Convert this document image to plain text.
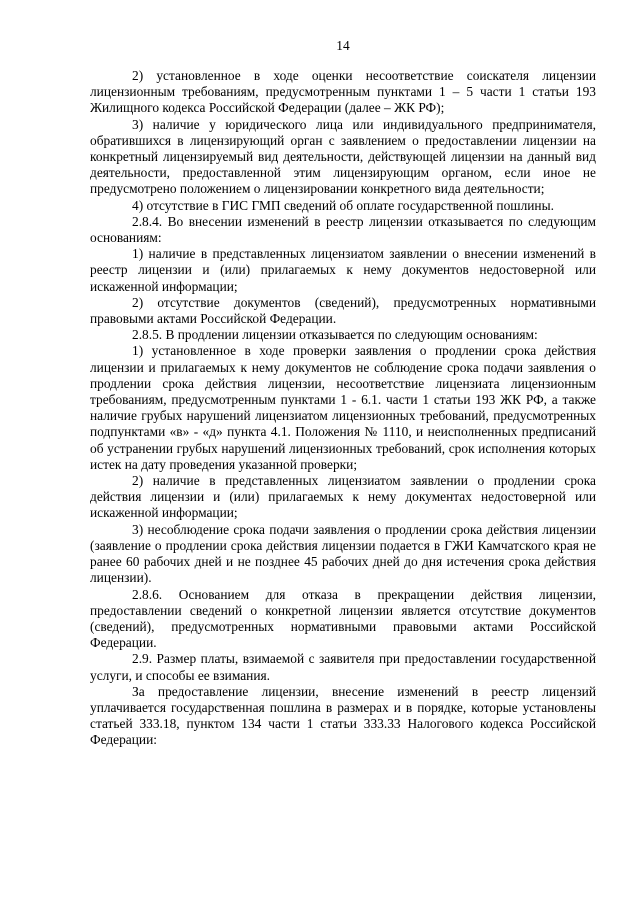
14

2) установленное в ходе оценки несоответствие соискателя лицензии лицензионным требованиям, предусмотренным пунктами 1 – 5 части 1 статьи 193 Жилищного кодекса Российской Федерации (далее – ЖК РФ);

3) наличие у юридического лица или индивидуального предпринимателя, обратившихся в лицензирующий орган с заявлением о предоставлении лицензии на конкретный лицензируемый вид деятельности, действующей лицензии на данный вид деятельности, предоставленной этим лицензирующим органом, если иное не предусмотрено положением о лицензировании конкретного вида деятельности;

4) отсутствие в ГИС ГМП сведений об оплате государственной пошлины.

2.8.4. Во внесении изменений в реестр лицензии отказывается по следующим основаниям:

1) наличие в представленных лицензиатом заявлении о внесении изменений в реестр лицензии и (или) прилагаемых к нему документов недостоверной или искаженной информации;

2) отсутствие документов (сведений), предусмотренных нормативными правовыми актами Российской Федерации.

2.8.5. В продлении лицензии отказывается по следующим основаниям:

1) установленное в ходе проверки заявления о продлении срока действия лицензии и прилагаемых к нему документов не соблюдение срока подачи заявления о продлении срока действия лицензии, несоответствие лицензиата лицензионным требованиям, предусмотренным пунктами 1 - 6.1. части 1 статьи 193 ЖК РФ, а также наличие грубых нарушений лицензиатом лицензионных требований, предусмотренных подпунктами «в» - «д» пункта 4.1. Положения № 1110, и неисполненных предписаний об устранении грубых нарушений лицензионных требований, срок исполнения которых истек на дату проведения указанной проверки;

2) наличие в представленных лицензиатом заявлении о продлении срока действия лицензии и (или) прилагаемых к нему документах недостоверной или искаженной информации;

3) несоблюдение срока подачи заявления о продлении срока действия лицензии (заявление о продлении срока действия лицензии подается в ГЖИ Камчатского края не ранее 60 рабочих дней и не позднее 45 рабочих дней до дня истечения срока действия лицензии).

2.8.6. Основанием для отказа в прекращении действия лицензии, предоставлении сведений о конкретной лицензии является отсутствие документов (сведений), предусмотренных нормативными правовыми актами Российской Федерации.

2.9. Размер платы, взимаемой с заявителя при предоставлении государственной услуги, и способы ее взимания.

За предоставление лицензии, внесение изменений в реестр лицензий уплачивается государственная пошлина в размерах и в порядке, которые установлены статьей 333.18, пунктом 134 части 1 статьи 333.33 Налогового кодекса Российской Федерации:
